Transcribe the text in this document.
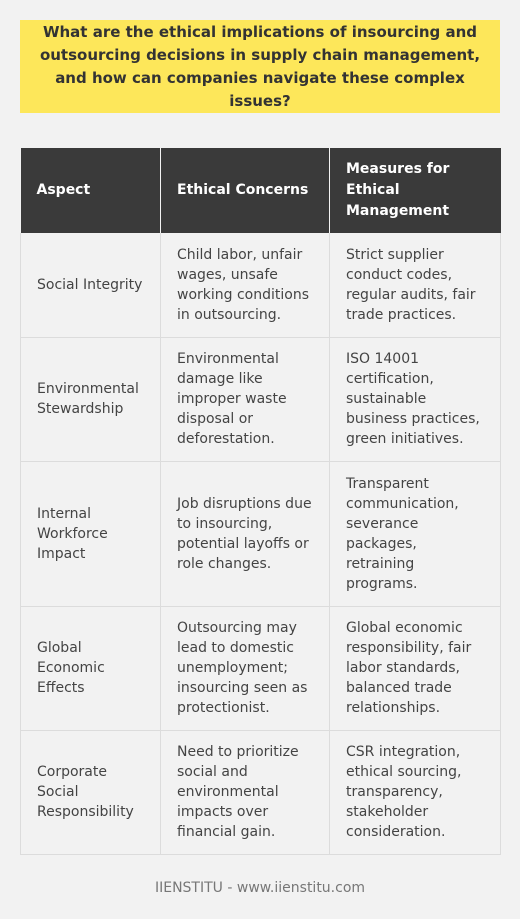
What are the ethical implications of insourcing and outsourcing decisions in supply chain management, and how can companies navigate these complex issues?
Aspect	Ethical Concerns	Measures for Ethical Management
Social Integrity	Child labor, unfair wages, unsafe working conditions in outsourcing.	Strict supplier conduct codes, regular audits, fair trade practices.
Environmental Stewardship	Environmental damage like improper waste disposal or deforestation.	ISO 14001 certification, sustainable business practices, green initiatives.
Internal Workforce Impact	Job disruptions due to insourcing, potential layoffs or role changes.	Transparent communication, severance packages, retraining programs.
Global Economic Effects	Outsourcing may lead to domestic unemployment; insourcing seen as protectionist.	Global economic responsibility, fair labor standards, balanced trade relationships.
Corporate Social Responsibility	Need to prioritize social and environmental impacts over financial gain.	CSR integration, ethical sourcing, transparency, stakeholder consideration.
IIENSTITU - www.iienstitu.com
